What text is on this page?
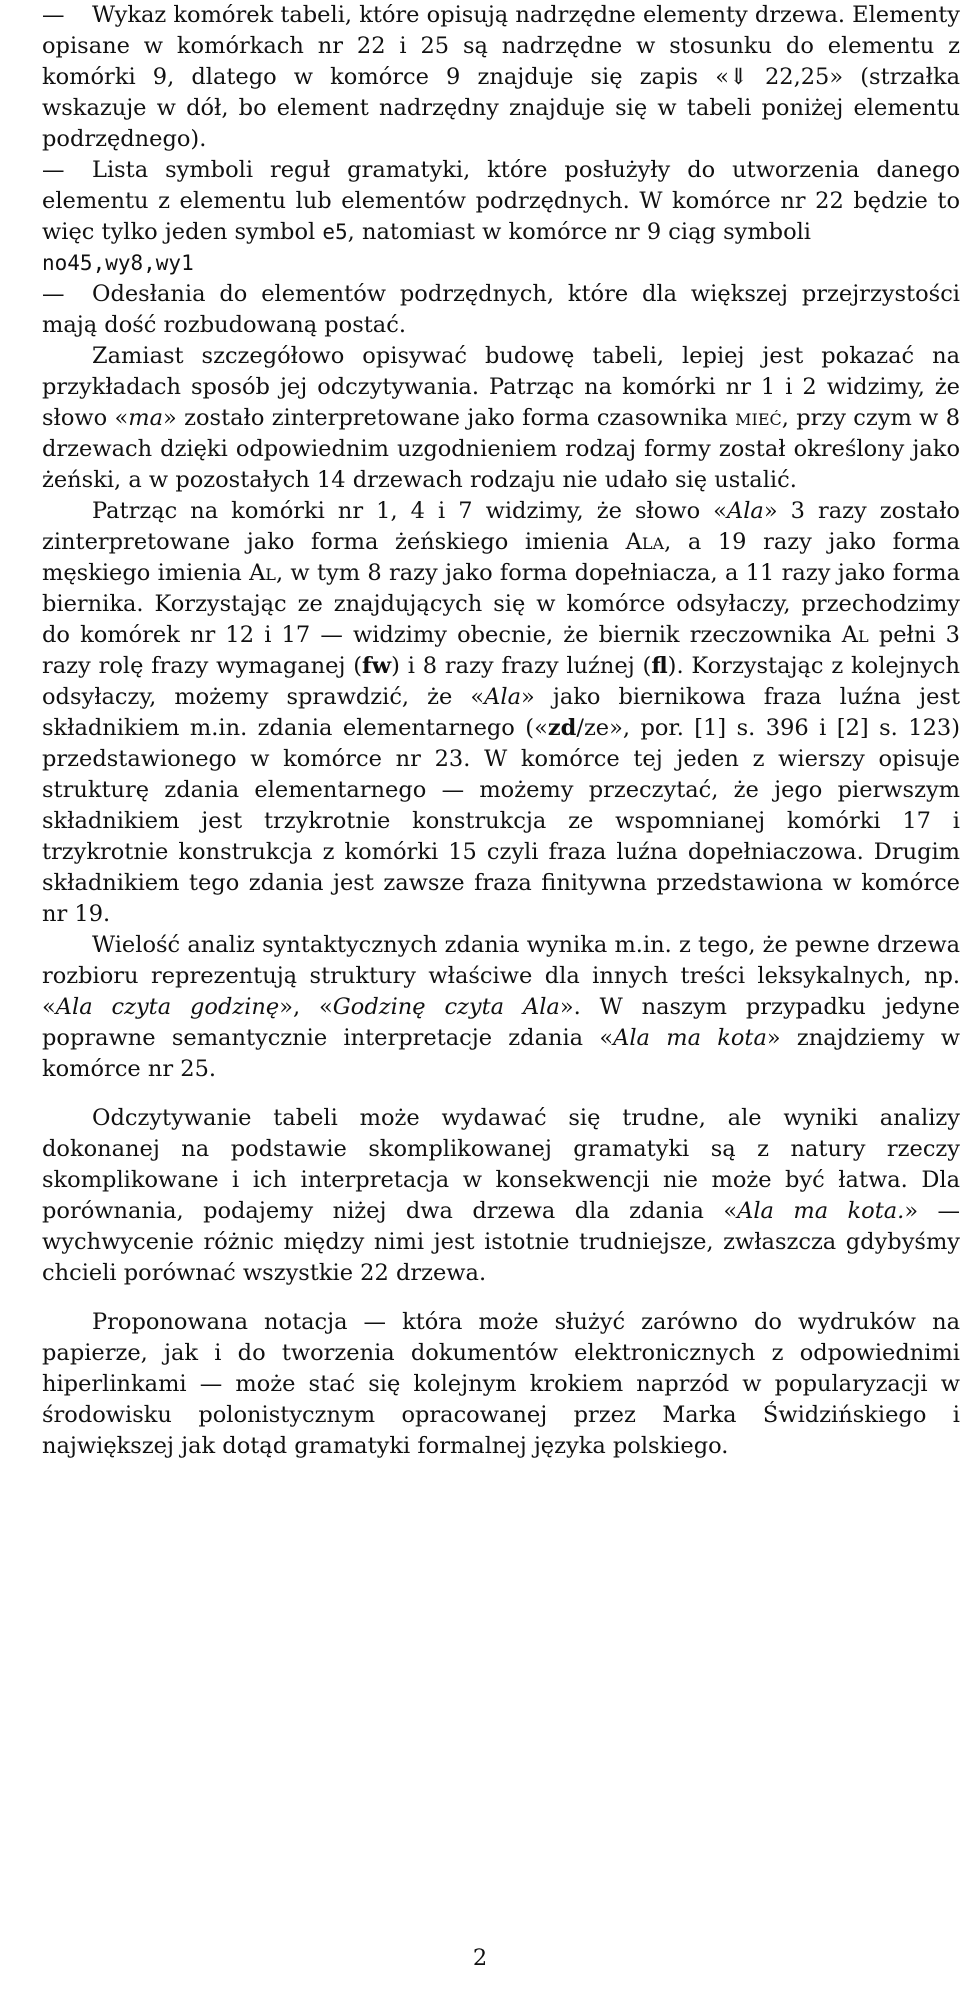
— Wykaz komórek tabeli, które opisują nadrzędne elementy drzewa. Elementy opisane w komórkach nr 22 i 25 są nadrzędne w stosunku do elementu z komórki 9, dlatego w komórce 9 znajduje się zapis «⇓ 22,25» (strzałka wskazuje w dół, bo element nadrzędny znajduje się w tabeli poniżej elementu podrzędnego).

— Lista symboli reguł gramatyki, które posłużyły do utworzenia danego elementu z elementu lub elementów podrzędnych. W komórce nr 22 będzie to więc tylko jeden symbol e5, natomiast w komórce nr 9 ciąg symboli
no45,wy8,wy1

— Odesłania do elementów podrzędnych, które dla większej przejrzystości mają dość rozbudowaną postać.

Zamiast szczegółowo opisywać budowę tabeli, lepiej jest pokazać na przykładach sposób jej odczytywania. Patrząc na komórki nr 1 i 2 widzimy, że słowo «ma» zostało zinterpretowane jako forma czasownika mieć, przy czym w 8 drzewach dzięki odpowiednim uzgodnieniem rodzaj formy został określony jako żeński, a w pozostałych 14 drzewach rodzaju nie udało się ustalić.

Patrząc na komórki nr 1, 4 i 7 widzimy, że słowo «Ala» 3 razy zostało zinterpretowane jako forma żeńskiego imienia Ala, a 19 razy jako forma męskiego imienia Al, w tym 8 razy jako forma dopełniacza, a 11 razy jako forma biernika. Korzystając ze znajdujących się w komórce odsyłaczy, przechodzimy do komórek nr 12 i 17 — widzimy obecnie, że biernik rzeczownika Al pełni 3 razy rolę frazy wymaganej (fw) i 8 razy frazy luźnej (fl). Korzystając z kolejnych odsyłaczy, możemy sprawdzić, że «Ala» jako biernikowa fraza luźna jest składnikiem m.in. zdania elementarnego («zd/ze», por. [1] s. 396 i [2] s. 123) przedstawionego w komórce nr 23. W komórce tej jeden z wierszy opisuje strukturę zdania elementarnego — możemy przeczytać, że jego pierwszym składnikiem jest trzykrotnie konstrukcja ze wspomnianej komórki 17 i trzykrotnie konstrukcja z komórki 15 czyli fraza luźna dopełniaczowa. Drugim składnikiem tego zdania jest zawsze fraza finitywna przedstawiona w komórce nr 19.

Wielość analiz syntaktycznych zdania wynika m.in. z tego, że pewne drzewa rozbioru reprezentują struktury właściwe dla innych treści leksykalnych, np. «Ala czyta godzinę», «Godzinę czyta Ala». W naszym przypadku jedyne poprawne semantycznie interpretacje zdania «Ala ma kota» znajdziemy w komórce nr 25.

Odczytywanie tabeli może wydawać się trudne, ale wyniki analizy dokonanej na podstawie skomplikowanej gramatyki są z natury rzeczy skomplikowane i ich interpretacja w konsekwencji nie może być łatwa. Dla porównania, podajemy niżej dwa drzewa dla zdania «Ala ma kota.» — wychwycenie różnic między nimi jest istotnie trudniejsze, zwłaszcza gdybyśmy chcieli porównać wszystkie 22 drzewa.

Proponowana notacja — która może służyć zarówno do wydruków na papierze, jak i do tworzenia dokumentów elektronicznych z odpowiednimi hiperlinkami — może stać się kolejnym krokiem naprzód w popularyzacji w środowisku polonistycznym opracowanej przez Marka Świdzińskiego i największej jak dotąd gramatyki formalnej języka polskiego.

2
